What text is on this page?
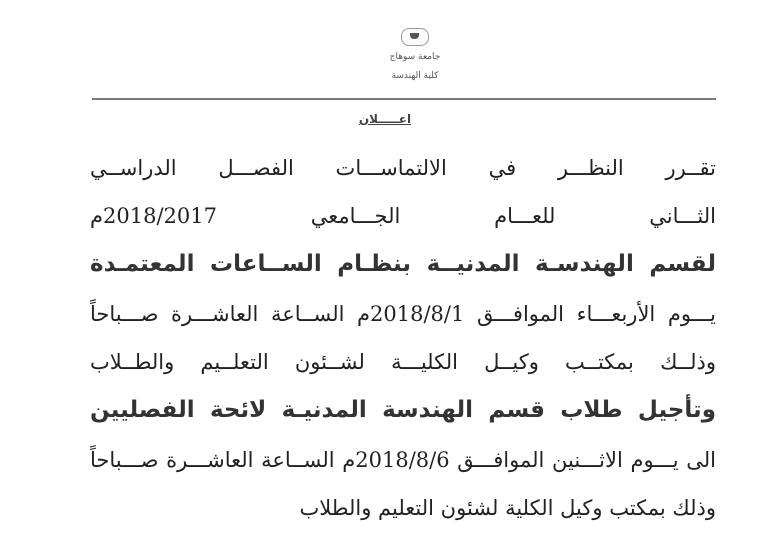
جامعة سوهاج
كلية الهندسة
اعـــــلان
تقــرر النظـــر في الالتماســـات الفصـــل الدراســي
الثـــاني للعـــام الجـــامعي 2018/2017م
لقسم الهندسـة المدنيــة بنظـام الســاعات المعتمـدة
يـــوم الأربعـــاء الموافـــق 2018/8/1م الســاعة العاشـــرة صـــباحاً
وذلــك بمكتــب وكيــل الكليـــة لشــئون التعلــيم والطــلاب
وتأجيل طلاب قسم الهندسة المدنيـة لائحة الفصليين
الى يـــوم الاثـــنين الموافـــق 2018/8/6م الســاعة العاشـــرة صـــباحاً
وذلك بمكتب وكيل الكلية لشئون التعليم والطلاب
